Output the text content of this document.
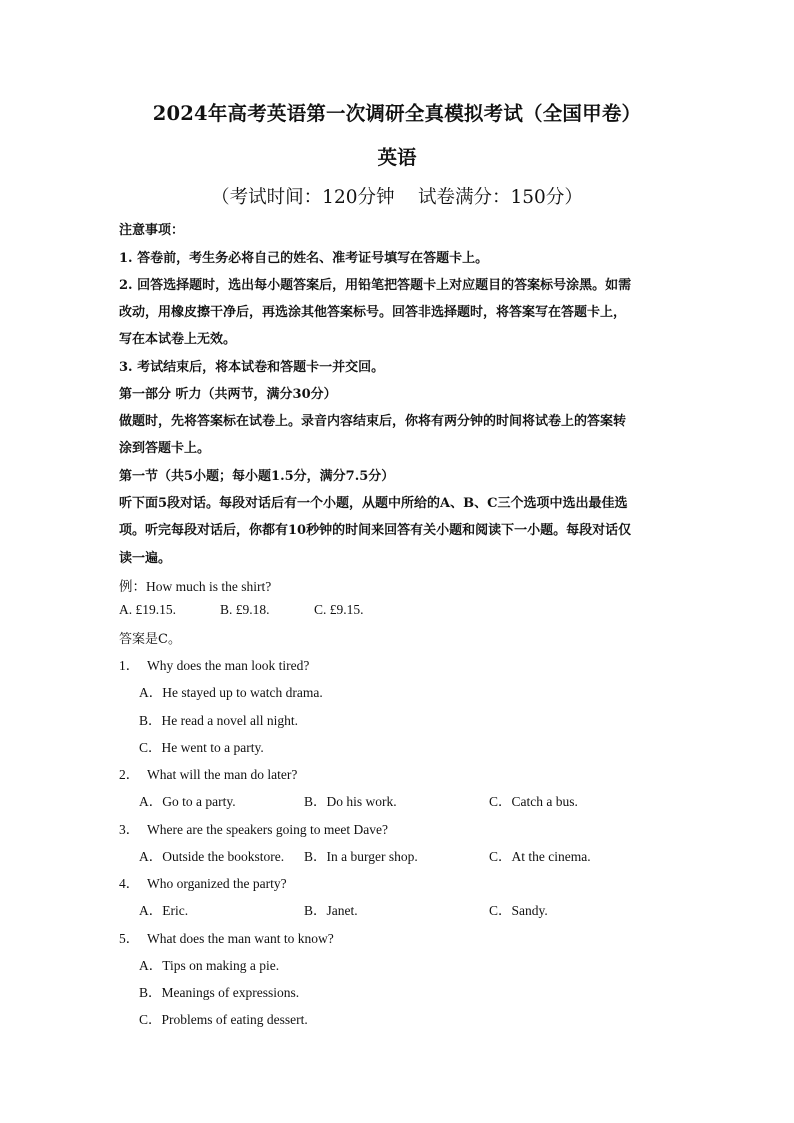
2024年高考英语第一次调研全真模拟考试（全国甲卷）
英语
（考试时间：120分钟    试卷满分：150分）
注意事项：
1. 答卷前，考生务必将自己的姓名、准考证号填写在答题卡上。
2. 回答选择题时，选出每小题答案后，用铅笔把答题卡上对应题目的答案标号涂黑。如需
改动，用橡皮擦干净后，再选涂其他答案标号。回答非选择题时，将答案写在答题卡上，
写在本试卷上无效。
3. 考试结束后，将本试卷和答题卡一并交回。
第一部分 听力（共两节，满分30分）
做题时，先将答案标在试卷上。录音内容结束后，你将有两分钟的时间将试卷上的答案转
涂到答题卡上。
第一节（共5小题；每小题1.5分，满分7.5分）
听下面5段对话。每段对话后有一个小题，从题中所给的A、B、C三个选项中选出最佳选
项。听完每段对话后，你都有10秒钟的时间来回答有关小题和阅读下一小题。每段对话仅
读一遍。
例：How much is the shirt?
A. £19.15.	B. £9.18.	C. £9.15.
答案是C。
1． Why does the man look tired?
A．He stayed up to watch drama.
B．He read a novel all night.
C．He went to a party.
2． What will the man do later?
A．Go to a party.	B．Do his work.	C．Catch a bus.
3． Where are the speakers going to meet Dave?
A．Outside the bookstore. B．In a burger shop.	C．At the cinema.
4． Who organized the party?
A．Eric.	B．Janet.	C．Sandy.
5． What does the man want to know?
A．Tips on making a pie.
B．Meanings of expressions.
C．Problems of eating dessert.
